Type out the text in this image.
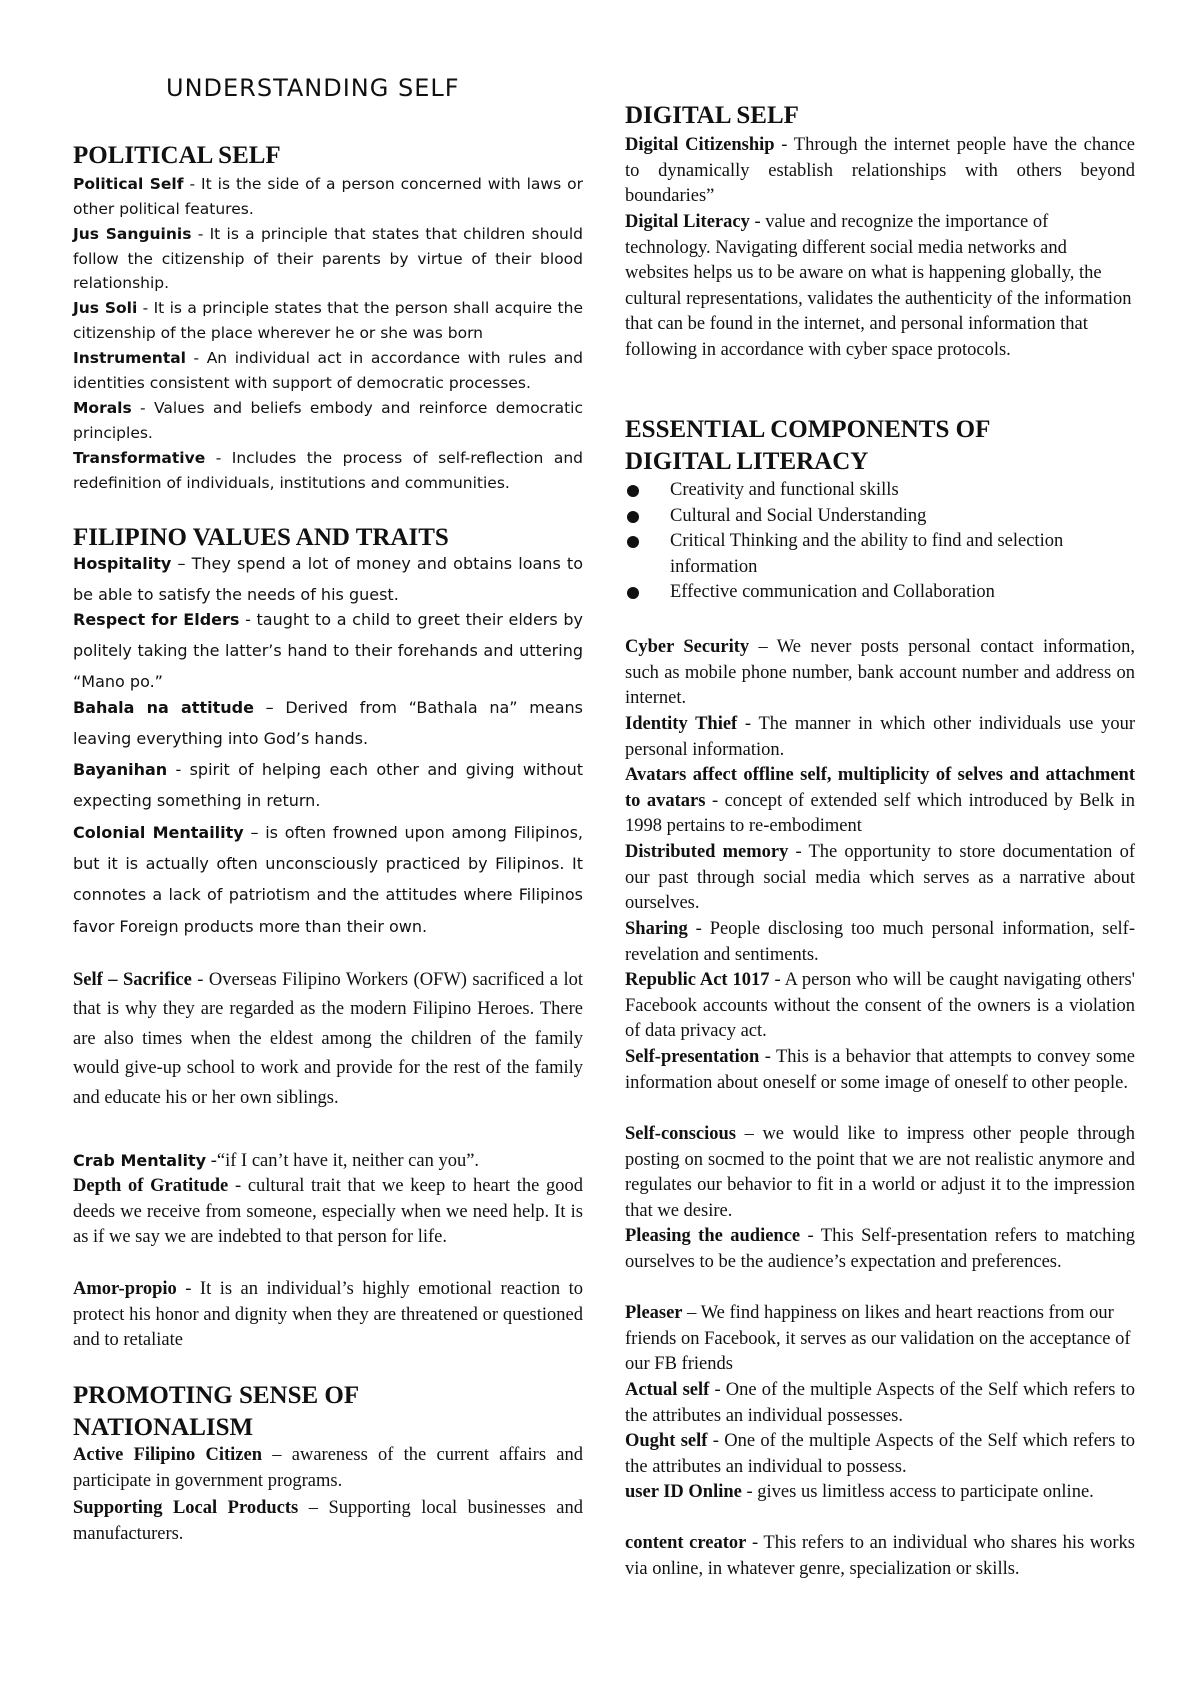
UNDERSTANDING SELF
POLITICAL SELF

Political Self - It is the side of a person concerned with laws or other political features.

Jus Sanguinis - It is a principle that states that children should follow the citizenship of their parents by virtue of their blood relationship.

Jus Soli - It is a principle states that the person shall acquire the citizenship of the place wherever he or she was born

Instrumental - An individual act in accordance with rules and identities consistent with support of democratic processes.

Morals - Values and beliefs embody and reinforce democratic principles.

Transformative - Includes the process of self-reflection and redefinition of individuals, institutions and communities.

FILIPINO VALUES AND TRAITS

Hospitality – They spend a lot of money and obtains loans to be able to satisfy the needs of his guest.

Respect for Elders - taught to a child to greet their elders by politely taking the latter’s hand to their forehands and uttering “Mano po.”

Bahala na attitude – Derived from “Bathala na” means leaving everything into God’s hands.

Bayanihan - spirit of helping each other and giving without expecting something in return.

Colonial Mentaility – is often frowned upon among Filipinos, but it is actually often unconsciously practiced by Filipinos. It connotes a lack of patriotism and the attitudes where Filipinos favor Foreign products more than their own.

Self – Sacrifice - Overseas Filipino Workers (OFW) sacrificed a lot that is why they are regarded as the modern Filipino Heroes. There are also times when the eldest among the children of the family would give-up school to work and provide for the rest of the family and educate his or her own siblings.

Crab Mentality -“if I can’t have it, neither can you”.

Depth of Gratitude - cultural trait that we keep to heart the good deeds we receive from someone, especially when we need help. It is as if we say we are indebted to that person for life.

Amor-propio - It is an individual’s highly emotional reaction to protect his honor and dignity when they are threatened or questioned and to retaliate

PROMOTING SENSE OF NATIONALISM

Active Filipino Citizen – awareness of the current affairs and participate in government programs.

Supporting Local Products – Supporting local businesses and manufacturers.

DIGITAL SELF

Digital Citizenship - Through the internet people have the chance to dynamically establish relationships with others beyond boundaries”

Digital Literacy - value and recognize the importance of technology. Navigating different social media networks and websites helps us to be aware on what is happening globally, the cultural representations, validates the authenticity of the information that can be found in the internet, and personal information that following in accordance with cyber space protocols.

ESSENTIAL COMPONENTS OF DIGITAL LITERACY
Creativity and functional skills
Cultural and Social Understanding
Critical Thinking and the ability to find and selection information
Effective communication and Collaboration

Cyber Security – We never posts personal contact information, such as mobile phone number, bank account number and address on internet.

Identity Thief - The manner in which other individuals use your personal information.

Avatars affect offline self, multiplicity of selves and attachment to avatars - concept of extended self which introduced by Belk in 1998 pertains to re-embodiment

Distributed memory - The opportunity to store documentation of our past through social media which serves as a narrative about ourselves.

Sharing - People disclosing too much personal information, self-revelation and sentiments.

Republic Act 1017 - A person who will be caught navigating others' Facebook accounts without the consent of the owners is a violation of data privacy act.

Self-presentation - This is a behavior that attempts to convey some information about oneself or some image of oneself to other people.

Self-conscious – we would like to impress other people through posting on socmed to the point that we are not realistic anymore and regulates our behavior to fit in a world or adjust it to the impression that we desire.

Pleasing the audience - This Self-presentation refers to matching ourselves to be the audience’s expectation and preferences.

Pleaser – We find happiness on likes and heart reactions from our friends on Facebook, it serves as our validation on the acceptance of our FB friends

Actual self - One of the multiple Aspects of the Self which refers to the attributes an individual possesses.

Ought self - One of the multiple Aspects of the Self which refers to the attributes an individual to possess.

user ID Online - gives us limitless access to participate online.

content creator - This refers to an individual who shares his works via online, in whatever genre, specialization or skills.
